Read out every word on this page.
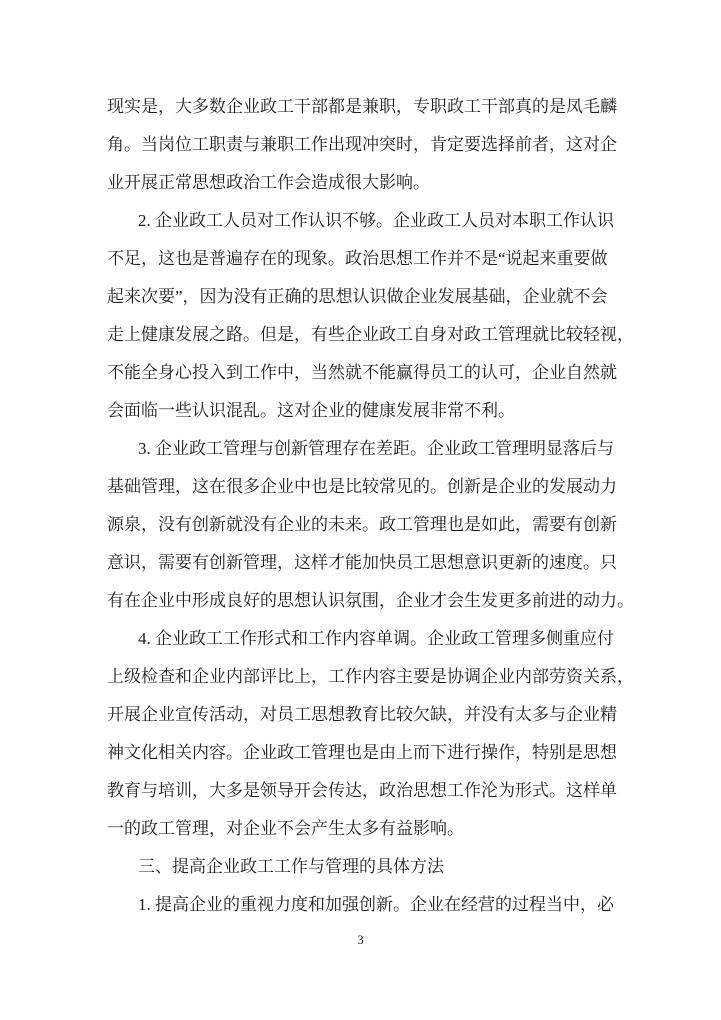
现实是，大多数企业政工干部都是兼职，专职政工干部真的是凤毛麟
角。当岗位工职责与兼职工作出现冲突时，肯定要选择前者，这对企
业开展正常思想政治工作会造成很大影响。
2. 企业政工人员对工作认识不够。企业政工人员对本职工作认识
不足，这也是普遍存在的现象。政治思想工作并不是“说起来重要做
起来次要”，因为没有正确的思想认识做企业发展基础，企业就不会
走上健康发展之路。但是，有些企业政工自身对政工管理就比较轻视，
不能全身心投入到工作中，当然就不能赢得员工的认可，企业自然就
会面临一些认识混乱。这对企业的健康发展非常不利。
3. 企业政工管理与创新管理存在差距。企业政工管理明显落后与
基础管理，这在很多企业中也是比较常见的。创新是企业的发展动力
源泉，没有创新就没有企业的未来。政工管理也是如此，需要有创新
意识，需要有创新管理，这样才能加快员工思想意识更新的速度。只
有在企业中形成良好的思想认识氛围，企业才会生发更多前进的动力。
4. 企业政工工作形式和工作内容单调。企业政工管理多侧重应付
上级检查和企业内部评比上，工作内容主要是协调企业内部劳资关系，
开展企业宣传活动，对员工思想教育比较欠缺，并没有太多与企业精
神文化相关内容。企业政工管理也是由上而下进行操作，特别是思想
教育与培训，大多是领导开会传达，政治思想工作沦为形式。这样单
一的政工管理，对企业不会产生太多有益影响。
三、提高企业政工工作与管理的具体方法
1. 提高企业的重视力度和加强创新。企业在经营的过程当中，必
3
